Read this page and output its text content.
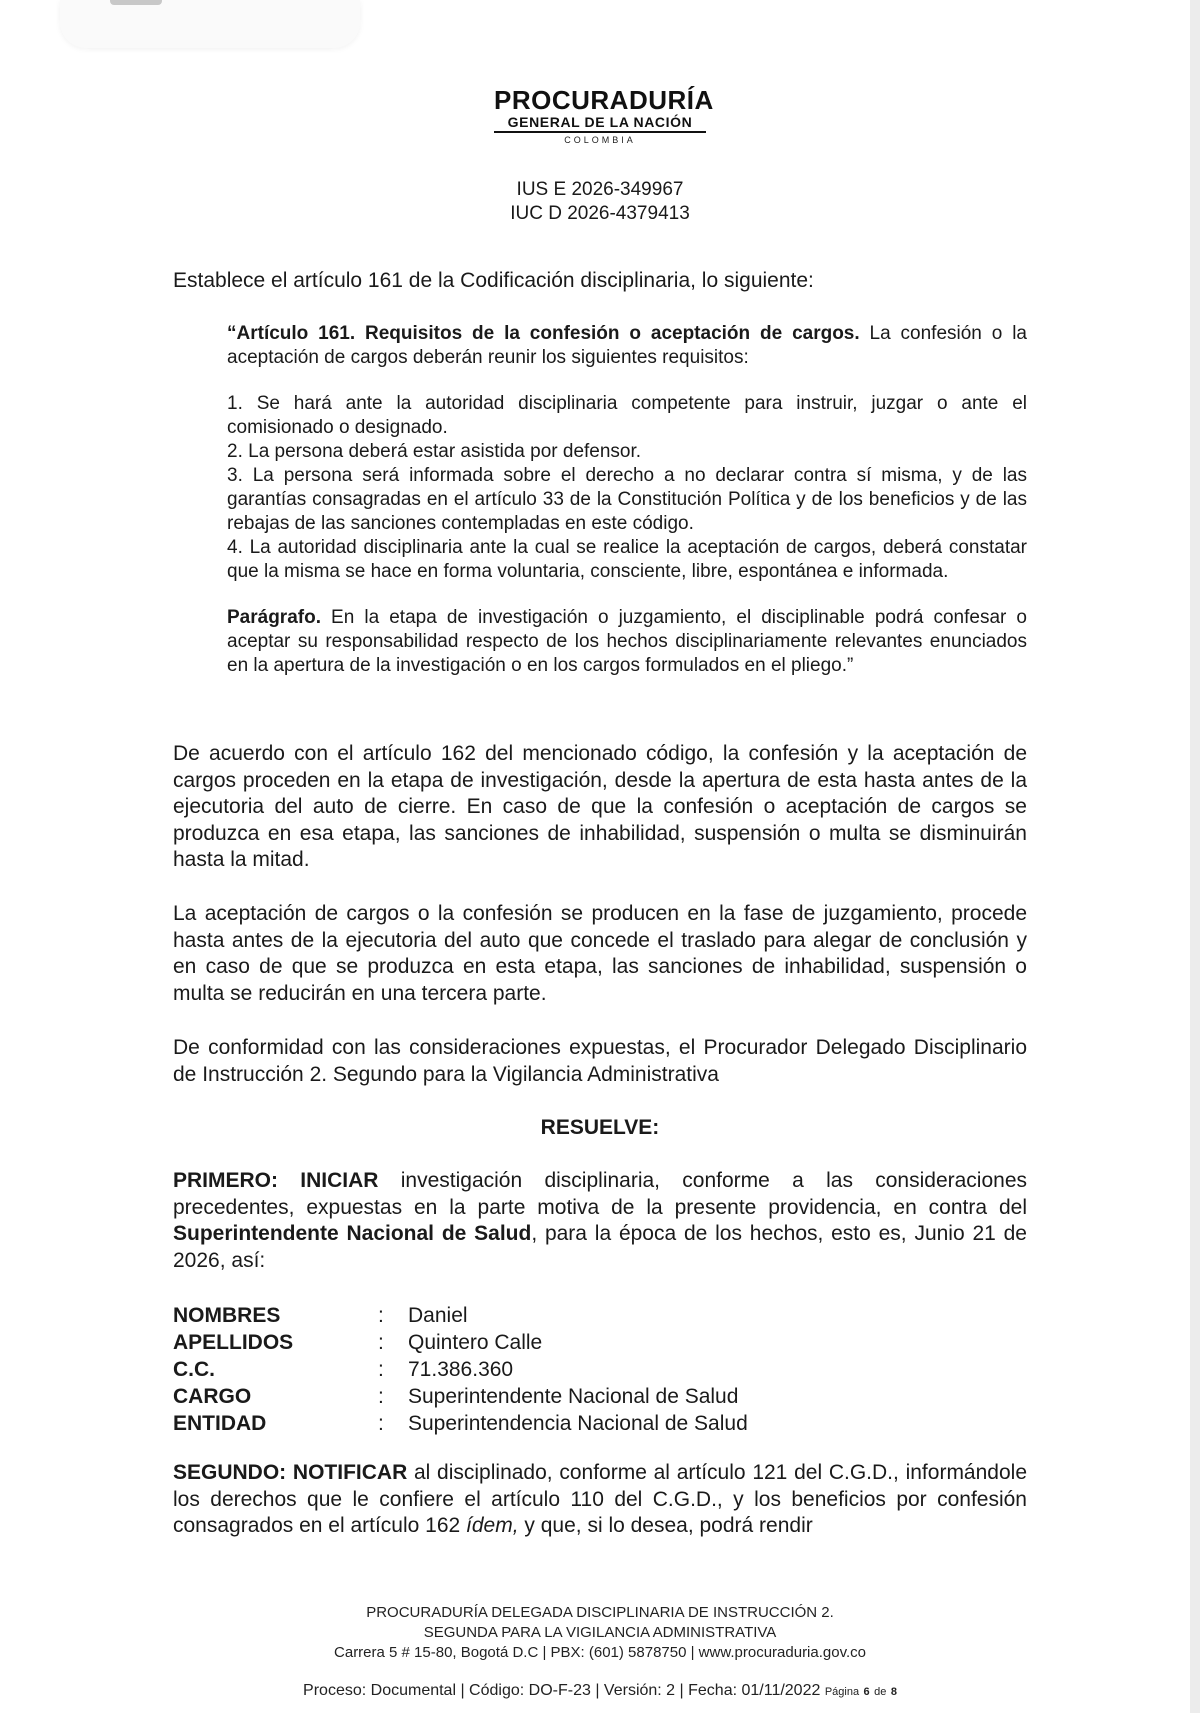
PROCURADURÍA
GENERAL DE LA NACIÓN
COLOMBIA
IUS E 2026-349967
IUC D 2026-4379413

Establece el artículo 161 de la Codificación disciplinaria, lo siguiente:

“Artículo 161. Requisitos de la confesión o aceptación de cargos. La confesión o la aceptación de cargos deberán reunir los siguientes requisitos:

1. Se hará ante la autoridad disciplinaria competente para instruir, juzgar o ante el comisionado o designado.

2. La persona deberá estar asistida por defensor.

3. La persona será informada sobre el derecho a no declarar contra sí misma, y de las garantías consagradas en el artículo 33 de la Constitución Política y de los beneficios y de las rebajas de las sanciones contempladas en este código.

4. La autoridad disciplinaria ante la cual se realice la aceptación de cargos, deberá constatar que la misma se hace en forma voluntaria, consciente, libre, espontánea e informada.

Parágrafo. En la etapa de investigación o juzgamiento, el disciplinable podrá confesar o aceptar su responsabilidad respecto de los hechos disciplinariamente relevantes enunciados en la apertura de la investigación o en los cargos formulados en el pliego.”

De acuerdo con el artículo 162 del mencionado código, la confesión y la aceptación de cargos proceden en la etapa de investigación, desde la apertura de esta hasta antes de la ejecutoria del auto de cierre. En caso de que la confesión o aceptación de cargos se produzca en esa etapa, las sanciones de inhabilidad, suspensión o multa se disminuirán hasta la mitad.

La aceptación de cargos o la confesión se producen en la fase de juzgamiento, procede hasta antes de la ejecutoria del auto que concede el traslado para alegar de conclusión y en caso de que se produzca en esta etapa, las sanciones de inhabilidad, suspensión o multa se reducirán en una tercera parte.

De conformidad con las consideraciones expuestas, el Procurador Delegado Disciplinario de Instrucción 2. Segundo para la Vigilancia Administrativa

RESUELVE:

PRIMERO: INICIAR investigación disciplinaria, conforme a las consideraciones precedentes, expuestas en la parte motiva de la presente providencia, en contra del Superintendente Nacional de Salud, para la época de los hechos, esto es, Junio 21 de 2026, así:

NOMBRES	:	Daniel
APELLIDOS	:	Quintero Calle
C.C.	:	71.386.360
CARGO	:	Superintendente Nacional de Salud
ENTIDAD	:	Superintendencia Nacional de Salud

SEGUNDO: NOTIFICAR al disciplinado, conforme al artículo 121 del C.G.D., informándole los derechos que le confiere el artículo 110 del C.G.D., y los beneficios por confesión consagrados en el artículo 162 ídem, y que, si lo desea, podrá rendir

PROCURADURÍA DELEGADA DISCIPLINARIA DE INSTRUCCIÓN 2.
SEGUNDA PARA LA VIGILANCIA ADMINISTRATIVA
Carrera 5 # 15-80, Bogotá D.C | PBX: (601) 5878750 | www.procuraduria.gov.co
Proceso: Documental | Código: DO-F-23 | Versión: 2 | Fecha: 01/11/2022 Página 6 de 8
